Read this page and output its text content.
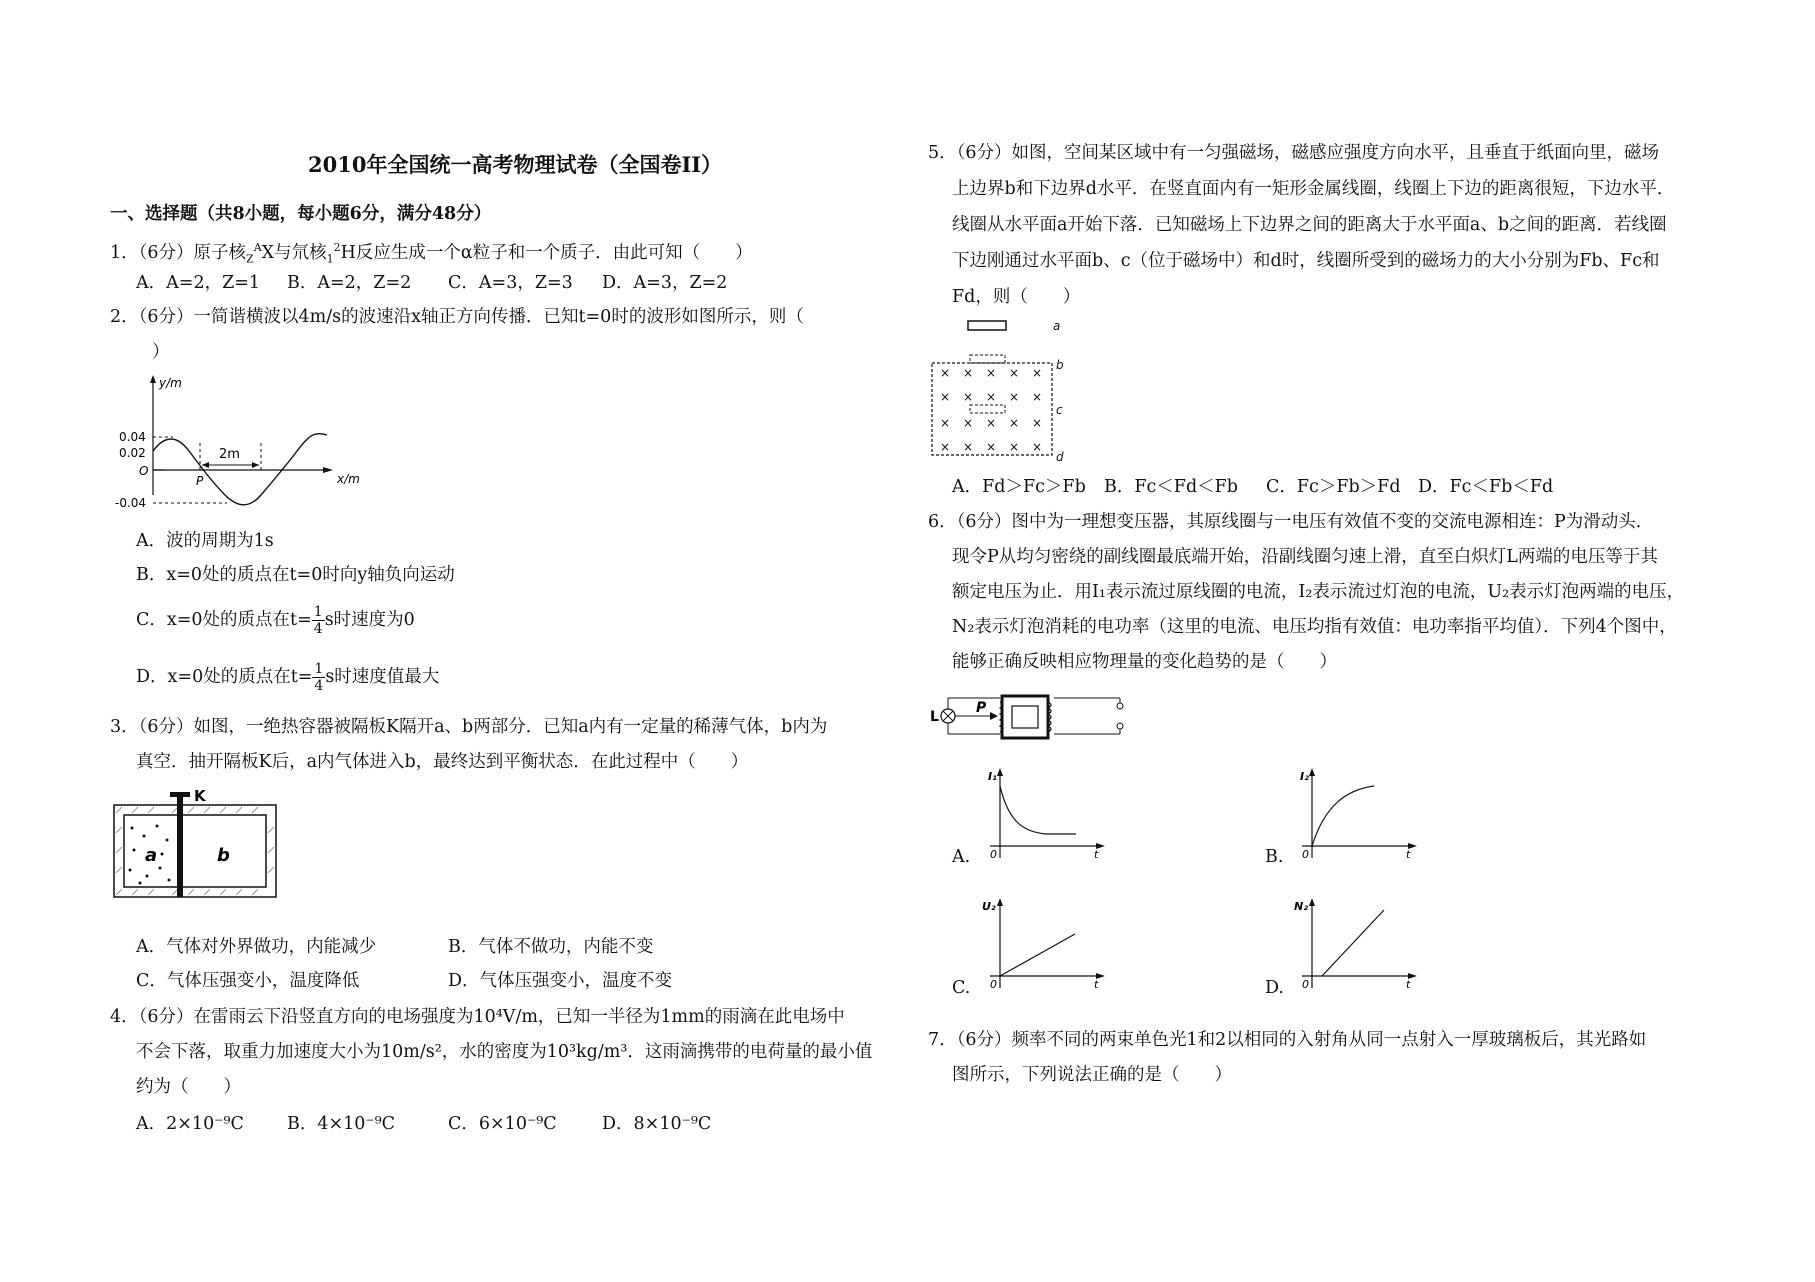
2010年全国统一高考物理试卷（全国卷II）
一、选择题（共8小题，每小题6分，满分48分）
1．（6分）原子核$_Z^A$X与氘核$_1^2$H反应生成一个α粒子和一个质子．由此可知（　　）
A．A=2，Z=1 B．A=2，Z=2 C．A=3，Z=3 D．A=3，Z=2
2．（6分）一简谐横波以4m/s的波速沿x轴正方向传播．已知t=0时的波形如图所示，则（
）
y/m
x/m
0.04
0.02
O
-0.04
2m
P
A．波的周期为1s
B．x=0处的质点在t=0时向y轴负向运动
C．x=0处的质点在$t= \frac{1}{4}$ s时速度为0
D．x=0处的质点在$t= \frac{1}{4}$ s时速度值最大
3．（6分）如图，一绝热容器被隔板K隔开a、b两部分．已知a内有一定量的稀薄气体，b内为
真空．抽开隔板K后，a内气体进入b，最终达到平衡状态．在此过程中（　　）
K
a	b
A．气体对外界做功，内能减少	B．气体不做功，内能不变
C．气体压强变小，温度降低	D．气体压强变小，温度不变
4．（6分）在雷雨云下沿竖直方向的电场强度为10⁴V/m，已知一半径为1mm的雨滴在此电场中
不会下落，取重力加速度大小为10m/s²，水的密度为10³kg/m³．这雨滴携带的电荷量的最小值
约为（　　）
A．2×10⁻⁹C B．4×10⁻⁹C	C．6×10⁻⁹C	D．8×10⁻⁹C
5．（6分）如图，空间某区域中有一匀强磁场，磁感应强度方向水平，且垂直于纸面向里，磁场
上边界b和下边界d水平．在竖直面内有一矩形金属线圈，线圈上下边的距离很短，下边水平．
线圈从水平面a开始下落．已知磁场上下边界之间的距离大于水平面a、b之间的距离．若线圈
下边刚通过水平面b、c（位于磁场中）和d时，线圈所受到的磁场力的大小分别为Fb、Fc和
Fd，则（　　）
× × × × ×
× × × × ×
× × × × ×
× × × × ×
a
b
c
d
A．Fd＞Fc＞Fb B．Fc＜Fd＜Fb C．Fc＞Fb＞Fd D．Fc＜Fb＜Fd
6．（6分）图中为一理想变压器，其原线圈与一电压有效值不变的交流电源相连：P为滑动头．
现令P从均匀密绕的副线圈最底端开始，沿副线圈匀速上滑，直至白炽灯L两端的电压等于其
额定电压为止．用I₁表示流过原线圈的电流，I₂表示流过灯泡的电流，U₂表示灯泡两端的电压，
N₂表示灯泡消耗的电功率（这里的电流、电压均指有效值：电功率指平均值）．下列4个图中，
能够正确反映相应物理量的变化趋势的是（　　）
L
P
A.
I₁
0	t	B.
I₂
0	t
C.
U₂
0	t	D.
N₂
0	t
7．（6分）频率不同的两束单色光1和2以相同的入射角从同一点射入一厚玻璃板后，其光路如
图所示，下列说法正确的是（　　）
